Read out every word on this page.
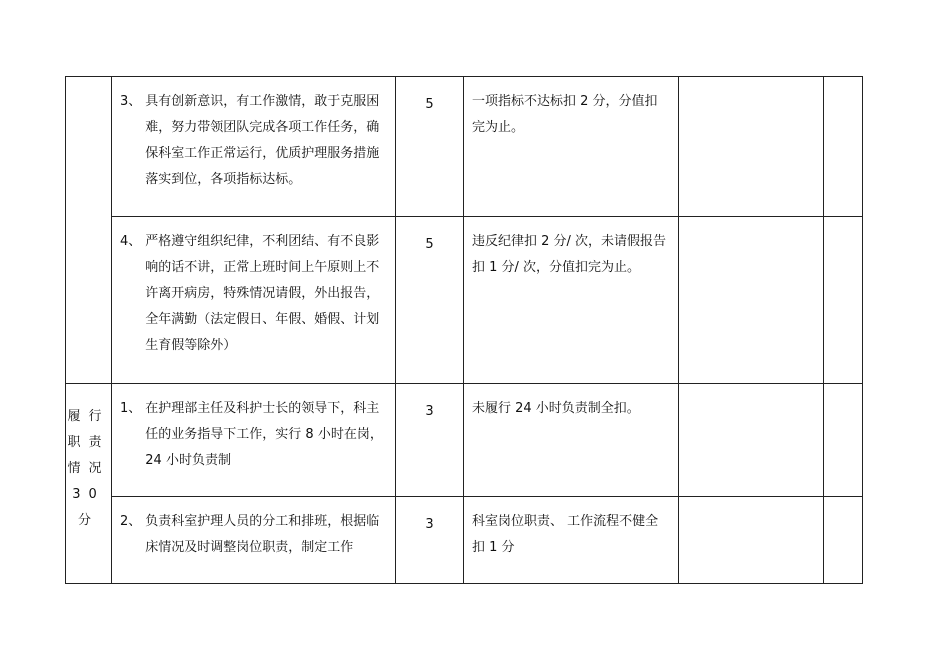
	3、 具有创新意识，有工作激情，敢于克服困难，努力带领团队完成各项工作任务，确保科室工作正常运行，优质护理服务措施落实到位，各项指标达标。	5	一项指标不达标扣 2 分，分值扣完为止。		

	4、 严格遵守组织纪律，不利团结、有不良影响的话不讲，正常上班时间上午原则上不许离开病房，特殊情况请假，外出报告，全年满勤（法定假日、年假、婚假、计划生育假等除外）	5	违反纪律扣 2 分/ 次，未请假报告扣 1 分/ 次，分值扣完为止。		

履行
职责
情况
30分	1、 在护理部主任及科护士长的领导下，科主任的业务指导下工作，实行 8 小时在岗， 24 小时负责制	3	未履行 24 小时负责制全扣。		

	2、 负责科室护理人员的分工和排班，根据临床情况及时调整岗位职责，制定工作	3	科室岗位职责、 工作流程不健全扣 1 分		
